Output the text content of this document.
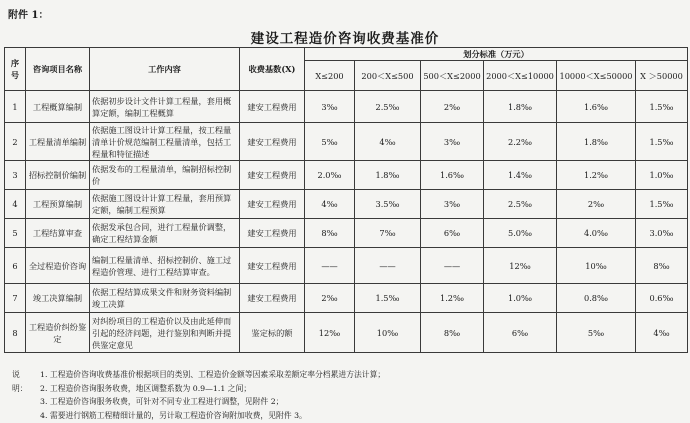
附件 1：
建设工程造价咨询收费基准价
序号	咨询项目名称	工作内容	收费基数(X)	划分标准（万元）					
				X≤200	200＜X≤500	500＜X≤2000	2000＜X≤10000	10000＜X≤50000	X ＞50000
1	工程概算编制	依据初步设计文件计算工程量，套用概算定额，编制工程概算	建安工程费用	3‰	2.5‰	2‰	1.8‰	1.6‰	1.5‰
2	工程量清单编制	依据施工图设计计算工程量，按工程量清单计价规范编制工程量清单，包括工程量和特征描述	建安工程费用	5‰	4‰	3‰	2.2‰	1.8‰	1.5‰
3	招标控制价编制	依据发布的工程量清单，编制招标控制价	建安工程费用	2.0‰	1.8‰	1.6‰	1.4‰	1.2‰	1.0‰
4	工程预算编制	依据施工图设计计算工程量，套用预算定额，编制工程预算	建安工程费用	4‰	3.5‰	3‰	2.5‰	2‰	1.5‰
5	工程结算审查	依据发承包合同，进行工程量价调整，确定工程结算金额	建安工程费用	8‰	7‰	6‰	5.0‰	4.0‰	3.0‰
6	全过程造价咨询	编制工程量清单、招标控制价、施工过程造价管理、进行工程结算审查。	建安工程费用	——	——	——	12‰	10‰	8‰
7	竣工决算编制	依据工程结算成果文件和财务资料编制竣工决算	建安工程费用	2‰	1.5‰	1.2‰	1.0‰	0.8‰	0.6‰
8	工程造价纠纷鉴定	对纠纷项目的工程造价以及由此延伸而引起的经济问题，进行鉴别和判断并提供鉴定意见	鉴定标的额	12‰	10‰	8‰	6‰	5‰	4‰
说明：
1. 工程造价咨询收费基准价根据项目的类别、工程造价金额等因素采取差额定率分档累进方法计算；
2. 工程造价咨询服务收费，地区调整系数为 0.9—1.1 之间；
3. 工程造价咨询服务收费，可针对不同专业工程进行调整，见附件 2；
4. 需要进行钢筋工程精细计量的，另计取工程造价咨询附加收费，见附件 3。
